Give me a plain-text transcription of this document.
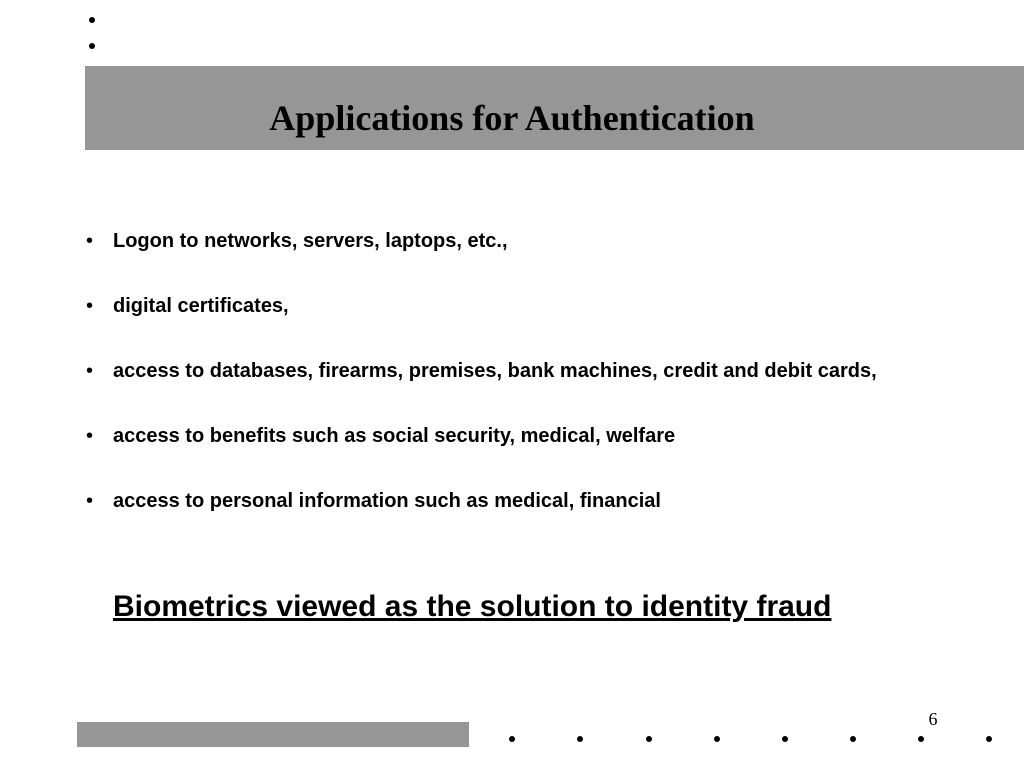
Applications for Authentication
• Logon to networks, servers, laptops, etc.,
• digital certificates,
• access to databases, firearms, premises, bank machines, credit and debit cards,
• access to benefits such as social security, medical, welfare
• access to personal information such as medical, financial

Biometrics viewed as the solution to identity fraud

6
